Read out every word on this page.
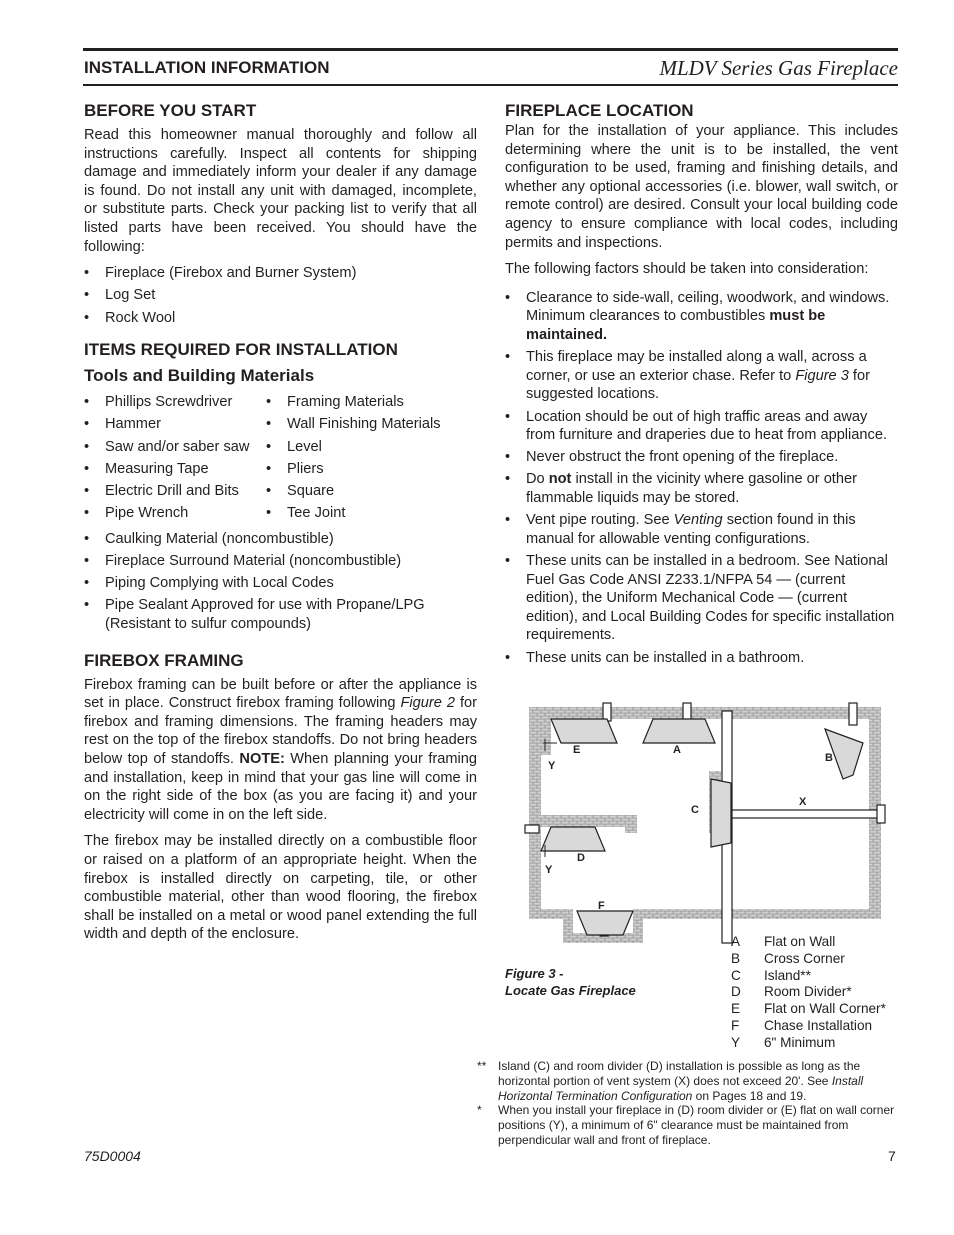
INSTALLATION INFORMATION	MLDV Series Gas Fireplace
BEFORE YOU START

Read this homeowner manual thoroughly and follow all instructions carefully. Inspect all contents for shipping damage and immediately inform your dealer if any damage is found. Do not install any unit with damaged, incomplete, or substitute parts. Check your packing list to verify that all listed parts have been received. You should have the following:

• Fireplace (Firebox and Burner System)
• Log Set
• Rock Wool
ITEMS REQUIRED FOR INSTALLATION
Tools and Building Materials
• Phillips Screwdriver
• Hammer
• Saw and/or saber saw
• Measuring Tape
• Electric Drill and Bits
• Pipe Wrench
• Framing Materials
• Wall Finishing Materials
• Level
• Pliers
• Square
• Tee Joint
• Caulking Material (noncombustible)
• Fireplace Surround Material (noncombustible)
• Piping Complying with Local Codes
• Pipe Sealant Approved for use with Propane/LPG (Resistant to sulfur compounds)
FIREBOX FRAMING

Firebox framing can be built before or after the appliance is set in place. Construct firebox framing following Figure 2 for firebox and framing dimensions. The framing headers may rest on the top of the firebox standoffs. Do not bring headers below top of standoffs. NOTE: When planning your framing and installation, keep in mind that your gas line will come in on the right side of the box (as you are facing it) and your electricity will come in on the left side.

The firebox may be installed directly on a combustible floor or raised on a platform of an appropriate height. When the firebox is installed directly on carpeting, tile, or other combustible material, other than wood flooring, the firebox shall be installed on a metal or wood panel extending the full width and depth of the enclosure.

FIREPLACE LOCATION

Plan for the installation of your appliance. This includes determining where the unit is to be installed, the vent configuration to be used, framing and finishing details, and whether any optional accessories (i.e. blower, wall switch, or remote control) are desired. Consult your local building code agency to ensure compliance with local codes, including permits and inspections.

The following factors should be taken into consideration:

• Clearance to side-wall, ceiling, woodwork, and windows. Minimum clearances to combustibles must be maintained.
• This fireplace may be installed along a wall, across a corner, or use an exterior chase. Refer to Figure 3 for suggested locations.
• Location should be out of high traffic areas and away from furniture and draperies due to heat from appliance.
• Never obstruct the front opening of the fireplace.
• Do not install in the vicinity where gasoline or other flammable liquids may be stored.
• Vent pipe routing. See Venting section found in this manual for allowable venting configurations.
• These units can be installed in a bedroom. See National Fuel Gas Code ANSI Z233.1/NFPA 54 — (current edition), the Uniform Mechanical Code — (current edition), and Local Building Codes for specific installation requirements.
• These units can be installed in a bathroom.
E	A
B
C
X
D
F
Y
Y
Figure 3 -
Locate Gas Fireplace
A	Flat on Wall
B	Cross Corner
C	Island**
D	Room Divider*
E	Flat on Wall Corner*
F	Chase Installation
Y	6" Minimum
** Island (C) and room divider (D) installation is possible as long as the horizontal portion of vent system (X) does not exceed 20'. See Install Horizontal Termination Configuration on Pages 18 and 19.
*	When you install your fireplace in (D) room divider or (E) flat on wall corner positions (Y), a minimum of 6" clearance must be maintained from perpendicular wall and front of fireplace.
75D0004	7
